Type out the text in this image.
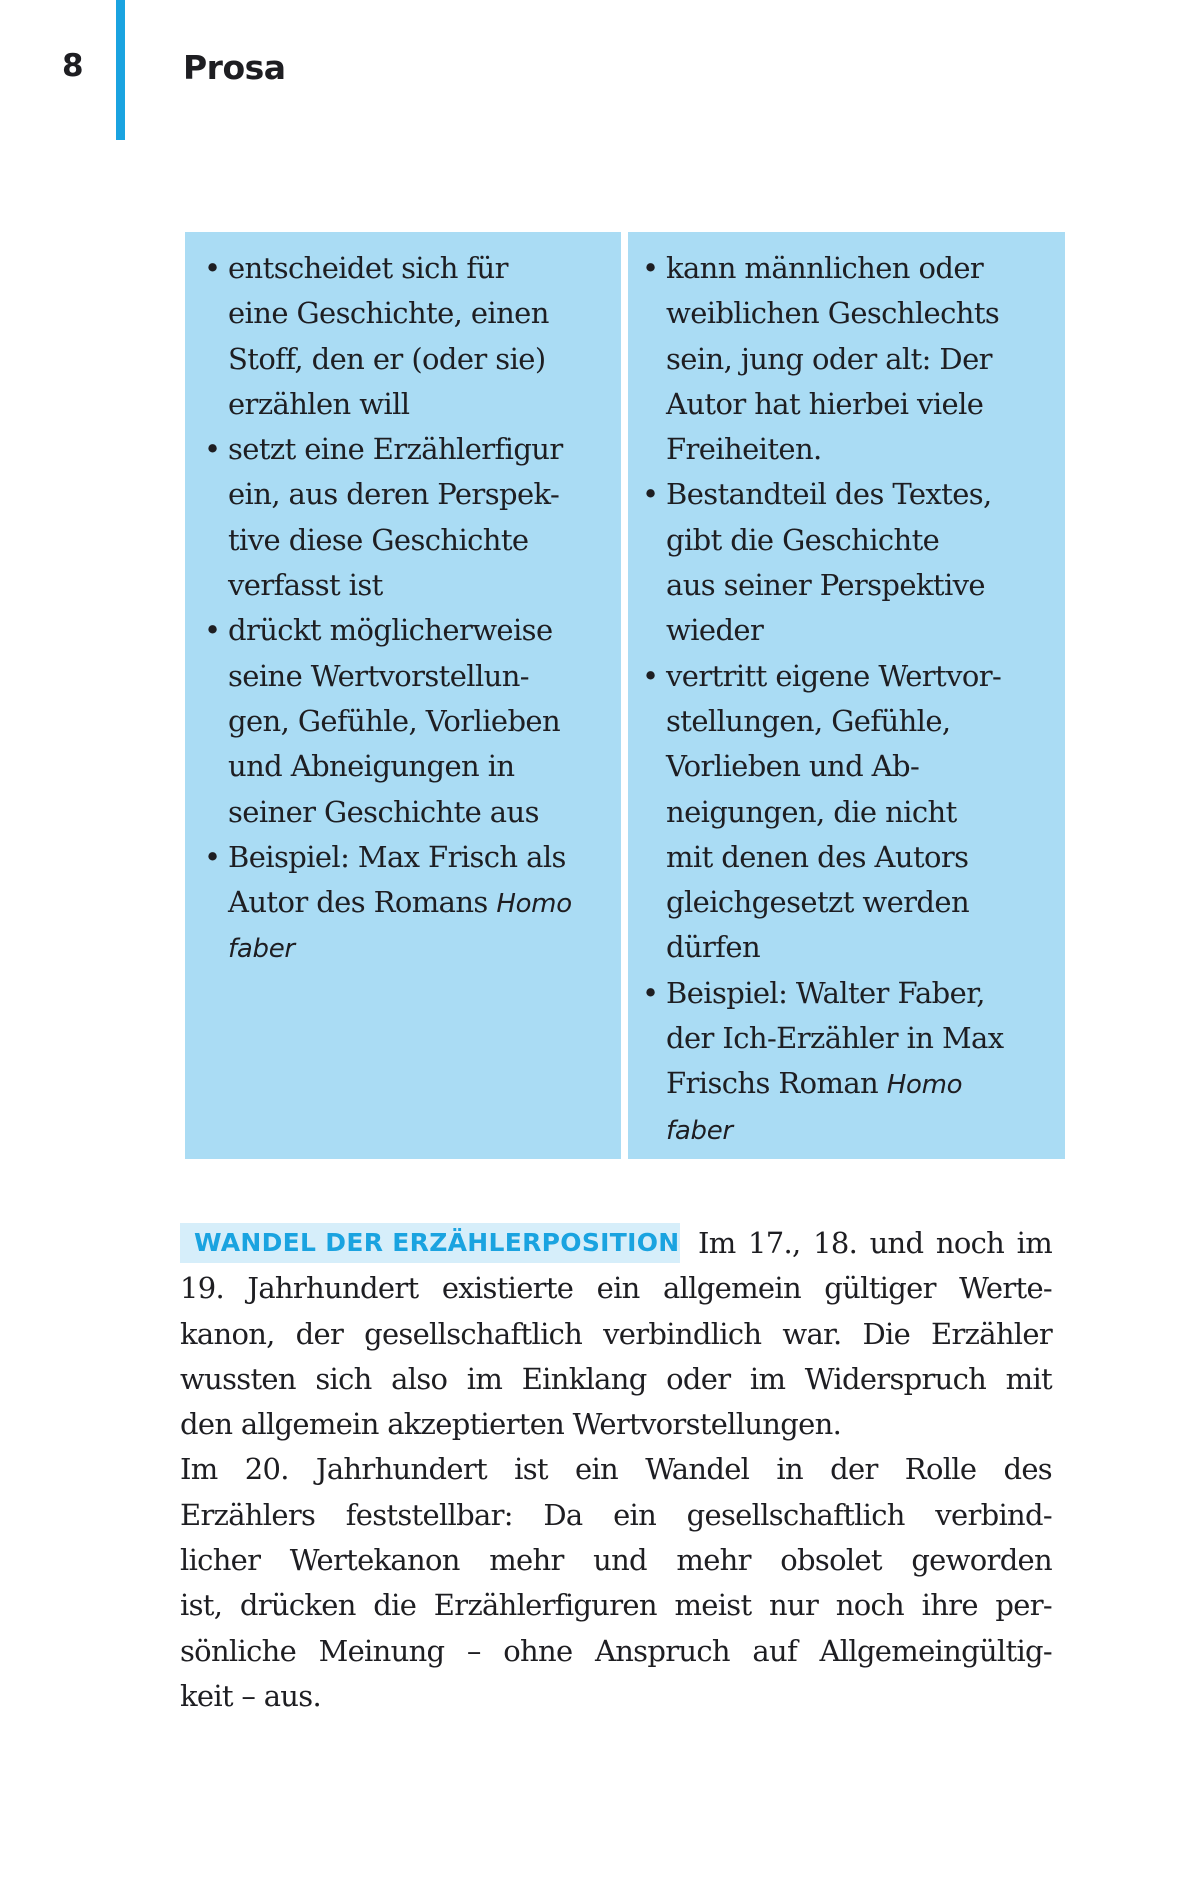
8	Prosa
• entscheidet sich für
eine Geschichte, einen
Stoff, den er (oder sie)
erzählen will
• setzt eine Erzählerfigur
ein, aus deren Perspek-
tive diese Geschichte
verfasst ist
• drückt möglicherweise
seine Wertvorstellun-
gen, Gefühle, Vorlieben
und Abneigungen in
seiner Geschichte aus
• Beispiel: Max Frisch als
Autor des Romans Homo
faber
• kann männlichen oder
weiblichen Geschlechts
sein, jung oder alt: Der
Autor hat hierbei viele
Freiheiten.
• Bestandteil des Textes,
gibt die Geschichte
aus seiner Perspektive
wieder
• vertritt eigene Wertvor-
stellungen, Gefühle,
Vorlieben und Ab-
neigungen, die nicht
mit denen des Autors
gleichgesetzt werden
dürfen
• Beispiel: Walter Faber,
der Ich-Erzähler in Max
Frischs Roman Homo
faber
WANDEL DER ERZÄHLERPOSITION Im 17., 18. und noch im
19. Jahrhundert existierte ein allgemein gültiger Werte-
kanon, der gesellschaftlich verbindlich war. Die Erzähler
wussten sich also im Einklang oder im Widerspruch mit
den allgemein akzeptierten Wertvorstellungen.
Im 20. Jahrhundert ist ein Wandel in der Rolle des
Erzählers feststellbar: Da ein gesellschaftlich verbind-
licher Wertekanon mehr und mehr obsolet geworden
ist, drücken die Erzählerfiguren meist nur noch ihre per-
sönliche Meinung – ohne Anspruch auf Allgemeingültig-
keit – aus.
